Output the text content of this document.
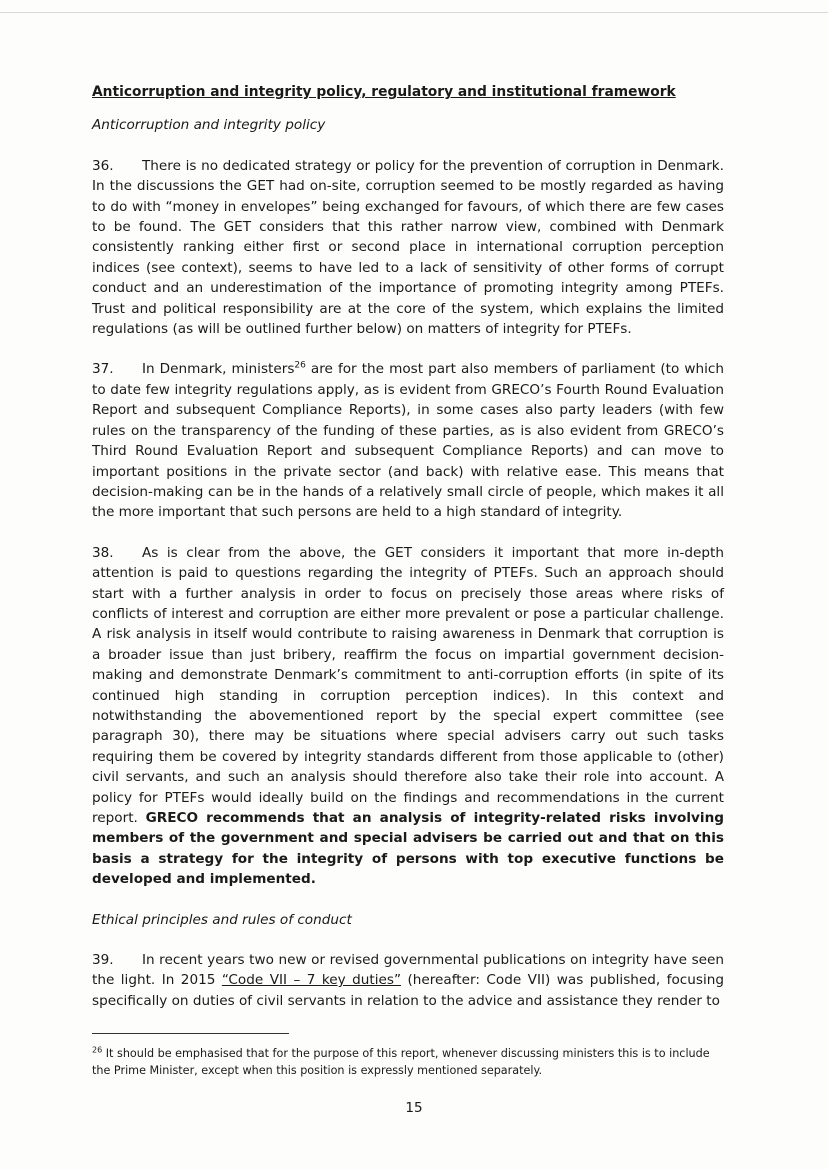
Anticorruption and integrity policy, regulatory and institutional framework
Anticorruption and integrity policy

36. There is no dedicated strategy or policy for the prevention of corruption in Denmark. In the discussions the GET had on-site, corruption seemed to be mostly regarded as having to do with “money in envelopes” being exchanged for favours, of which there are few cases to be found. The GET considers that this rather narrow view, combined with Denmark consistently ranking either first or second place in international corruption perception indices (see context), seems to have led to a lack of sensitivity of other forms of corrupt conduct and an underestimation of the importance of promoting integrity among PTEFs. Trust and political responsibility are at the core of the system, which explains the limited regulations (as will be outlined further below) on matters of integrity for PTEFs.

37. In Denmark, ministers$^{26}$ are for the most part also members of parliament (to which to date few integrity regulations apply, as is evident from GRECO’s Fourth Round Evaluation Report and subsequent Compliance Reports), in some cases also party leaders (with few rules on the transparency of the funding of these parties, as is also evident from GRECO’s Third Round Evaluation Report and subsequent Compliance Reports) and can move to important positions in the private sector (and back) with relative ease. This means that decision-making can be in the hands of a relatively small circle of people, which makes it all the more important that such persons are held to a high standard of integrity.

38. As is clear from the above, the GET considers it important that more in-depth attention is paid to questions regarding the integrity of PTEFs. Such an approach should start with a further analysis in order to focus on precisely those areas where risks of conflicts of interest and corruption are either more prevalent or pose a particular challenge. A risk analysis in itself would contribute to raising awareness in Denmark that corruption is a broader issue than just bribery, reaffirm the focus on impartial government decision-making and demonstrate Denmark’s commitment to anti-corruption efforts (in spite of its continued high standing in corruption perception indices). In this context and notwithstanding the abovementioned report by the special expert committee (see paragraph 30), there may be situations where special advisers carry out such tasks requiring them be covered by integrity standards different from those applicable to (other) civil servants, and such an analysis should therefore also take their role into account. A policy for PTEFs would ideally build on the findings and recommendations in the current report. GRECO recommends that an analysis of integrity-related risks involving members of the government and special advisers be carried out and that on this basis a strategy for the integrity of persons with top executive functions be developed and implemented.

Ethical principles and rules of conduct

39. In recent years two new or revised governmental publications on integrity have seen the light. In 2015 “Code VII – 7 key duties” (hereafter: Code VII) was published, focusing specifically on duties of civil servants in relation to the advice and assistance they render to

$^{26}$ It should be emphasised that for the purpose of this report, whenever discussing ministers this is to include the Prime Minister, except when this position is expressly mentioned separately.
15
